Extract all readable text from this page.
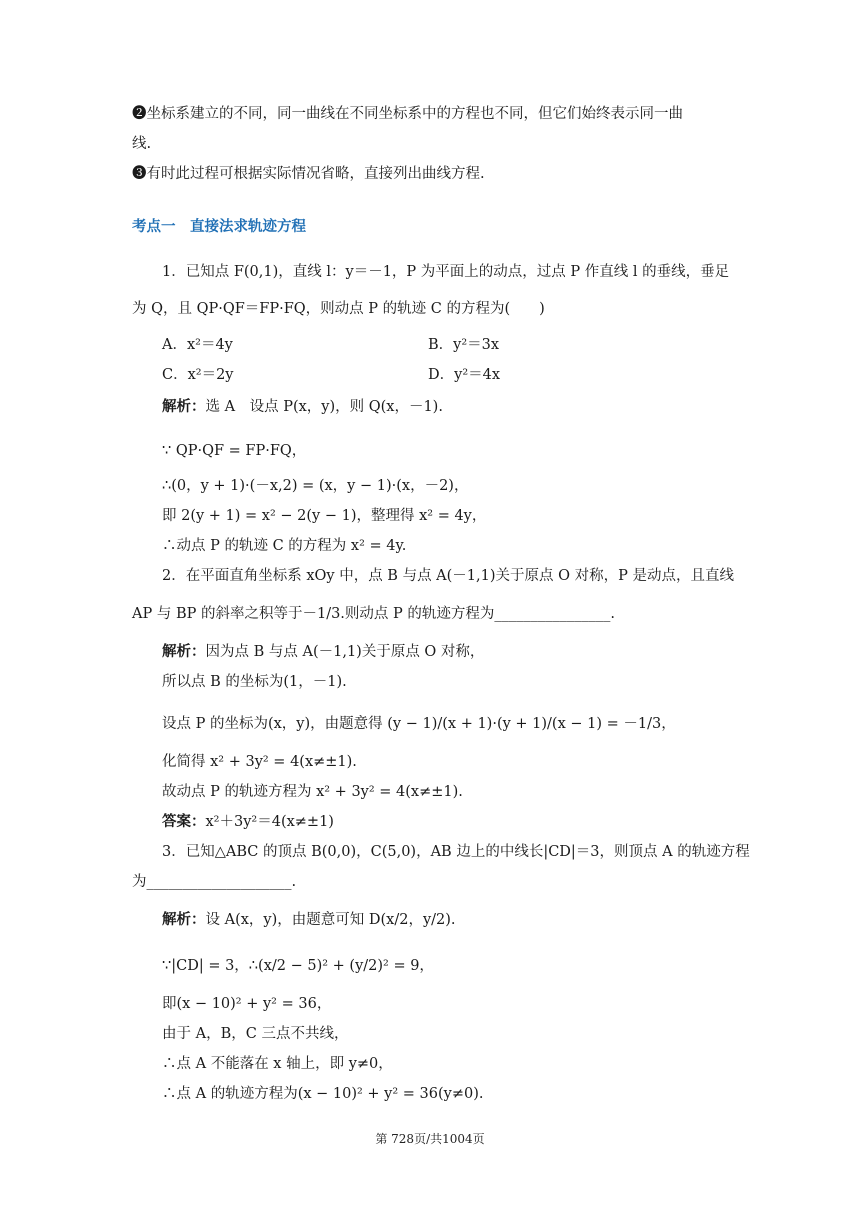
❷坐标系建立的不同，同一曲线在不同坐标系中的方程也不同，但它们始终表示同一曲
线.
❸有时此过程可根据实际情况省略，直接列出曲线方程.
考点一　直接法求轨迹方程
1．已知点 F(0,1)，直线 l：y＝－1，P 为平面上的动点，过点 P 作直线 l 的垂线，垂足
为 Q，且 QP·QF＝FP·FQ，则动点 P 的轨迹 C 的方程为(　　)
A．x²＝4y	B．y²＝3x
C．x²＝2y	D．y²＝4x
解析：选 A　设点 P(x，y)，则 Q(x，－1).
∵ QP·QF = FP·FQ，
∴(0，y + 1)·(－x,2) = (x，y − 1)·(x，－2)，
即 2(y + 1) = x² − 2(y − 1)，整理得 x² = 4y，
∴动点 P 的轨迹 C 的方程为 x² = 4y.
2．在平面直角坐标系 xOy 中，点 B 与点 A(－1,1)关于原点 O 对称，P 是动点，且直线
AP 与 BP 的斜率之积等于－1/3.则动点 P 的轨迹方程为________________.
解析：因为点 B 与点 A(－1,1)关于原点 O 对称，
所以点 B 的坐标为(1，－1).
设点 P 的坐标为(x，y)，由题意得 (y − 1)/(x + 1)·(y + 1)/(x − 1) = －1/3，
化简得 x² + 3y² = 4(x≠±1).
故动点 P 的轨迹方程为 x² + 3y² = 4(x≠±1).
答案：x²＋3y²＝4(x≠±1)
3．已知△ABC 的顶点 B(0,0)，C(5,0)，AB 边上的中线长|CD|＝3，则顶点 A 的轨迹方程
为____________________.
解析：设 A(x，y)，由题意可知 D(x/2，y/2).
∵|CD| = 3，∴(x/2 − 5)² + (y/2)² = 9，
即(x − 10)² + y² = 36，
由于 A，B，C 三点不共线，
∴点 A 不能落在 x 轴上，即 y≠0，
∴点 A 的轨迹方程为(x − 10)² + y² = 36(y≠0).
第 728页/共1004页
